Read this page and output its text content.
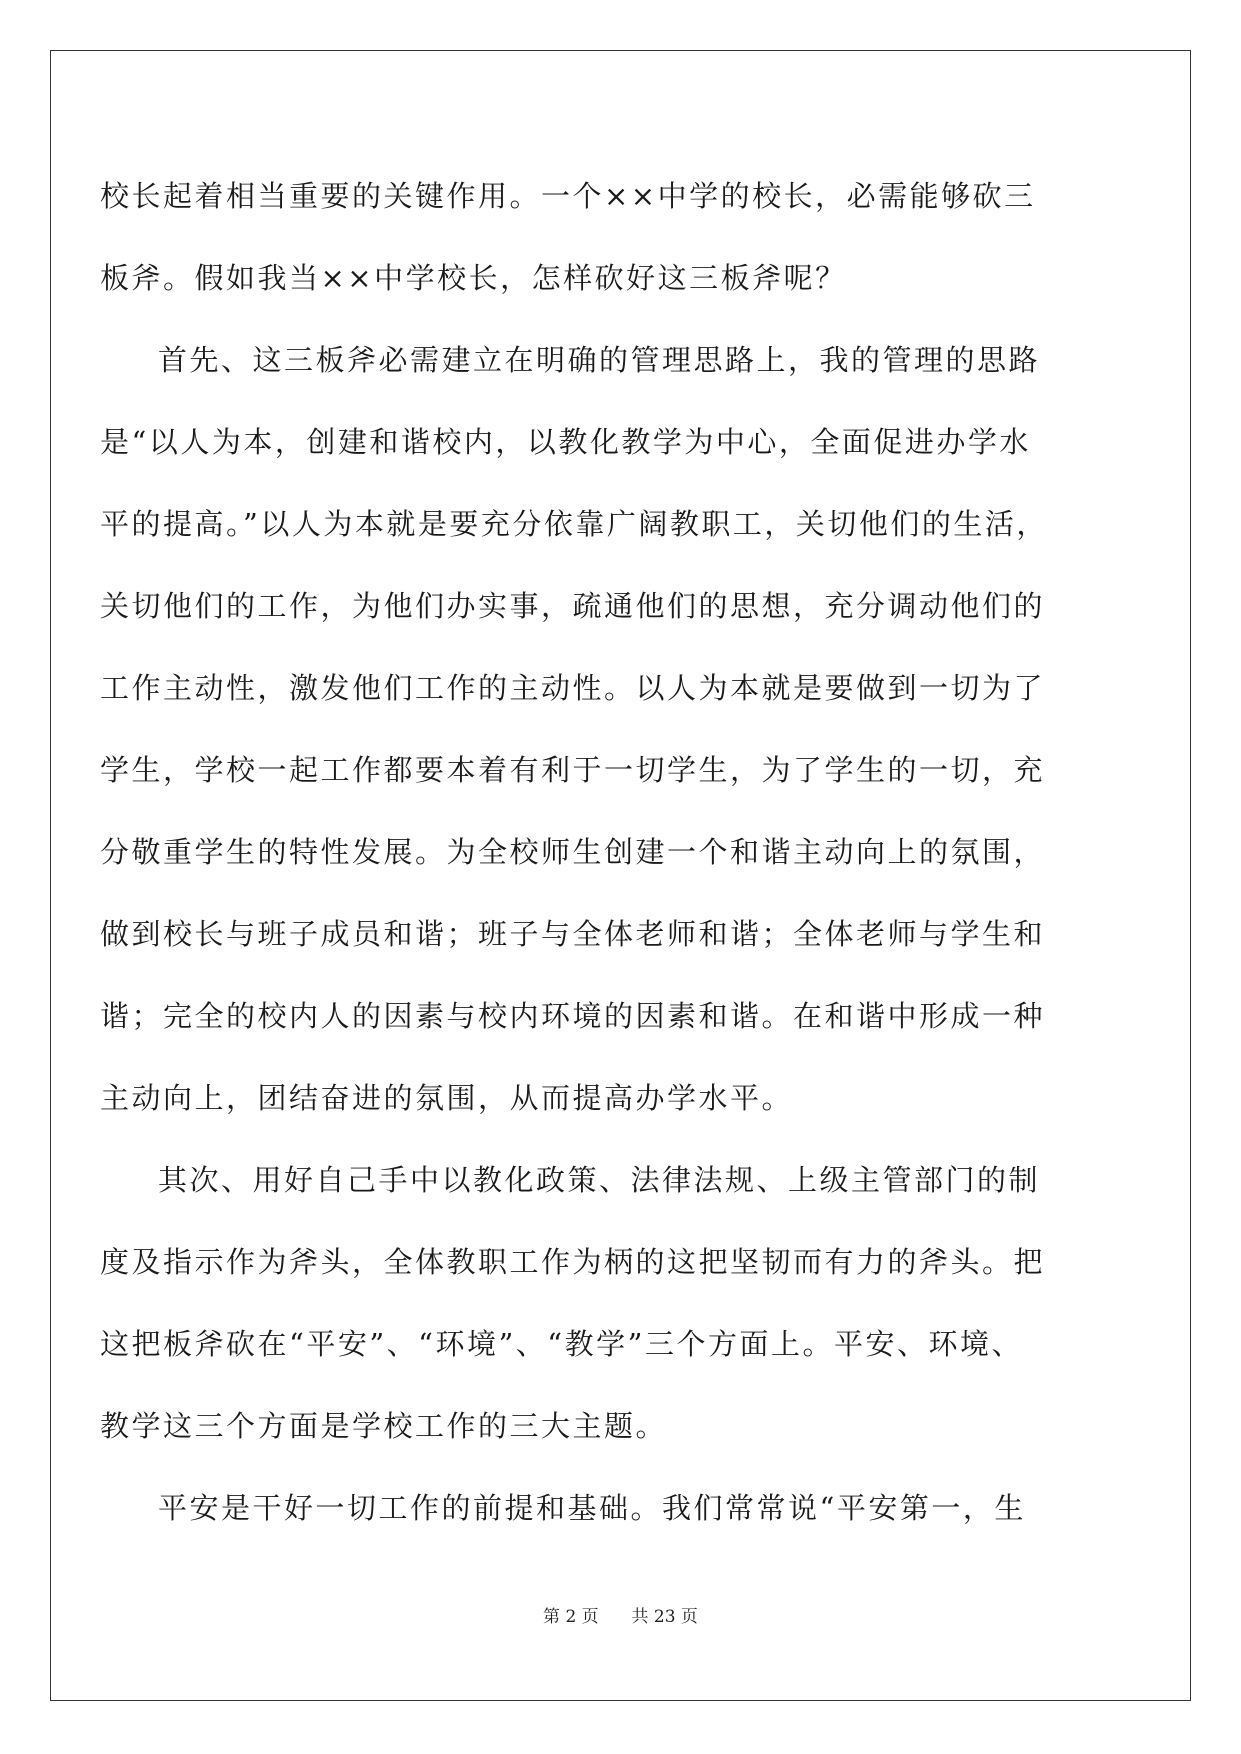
校长起着相当重要的关键作用。一个××中学的校长，必需能够砍三
板斧。假如我当××中学校长，怎样砍好这三板斧呢？
首先、这三板斧必需建立在明确的管理思路上，我的管理的思路
是“以人为本，创建和谐校内，以教化教学为中心，全面促进办学水
平的提高。”以人为本就是要充分依靠广阔教职工，关切他们的生活，
关切他们的工作，为他们办实事，疏通他们的思想，充分调动他们的
工作主动性，激发他们工作的主动性。以人为本就是要做到一切为了
学生，学校一起工作都要本着有利于一切学生，为了学生的一切，充
分敬重学生的特性发展。为全校师生创建一个和谐主动向上的氛围，
做到校长与班子成员和谐；班子与全体老师和谐；全体老师与学生和
谐；完全的校内人的因素与校内环境的因素和谐。在和谐中形成一种
主动向上，团结奋进的氛围，从而提高办学水平。
其次、用好自己手中以教化政策、法律法规、上级主管部门的制
度及指示作为斧头，全体教职工作为柄的这把坚韧而有力的斧头。把
这把板斧砍在“平安”、“环境”、“教学”三个方面上。平安、环境、
教学这三个方面是学校工作的三大主题。
平安是干好一切工作的前提和基础。我们常常说“平安第一，生
第 2 页 共 23 页
